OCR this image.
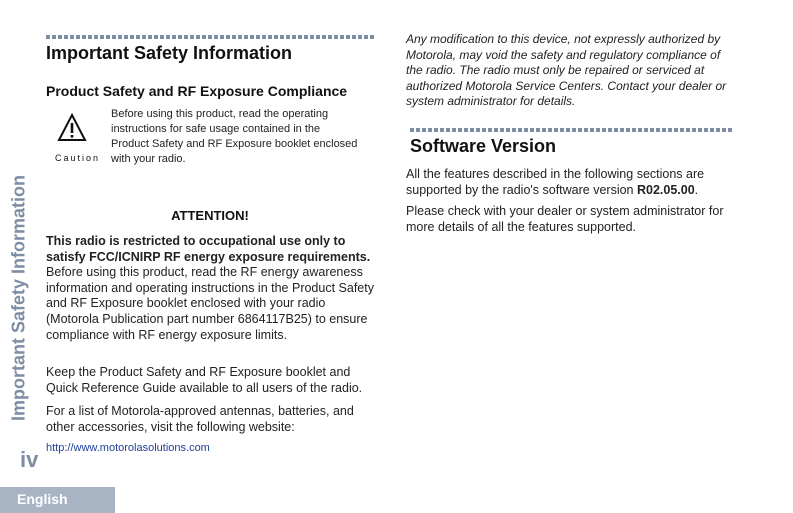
Important Safety Information
iv
English
Important Safety Information
Product Safety and RF Exposure Compliance
Caution
Before using this product, read the operating instructions for safe usage contained in the Product Safety and RF Exposure booklet enclosed with your radio.
ATTENTION!
This radio is restricted to occupational use only to satisfy FCC/ICNIRP RF energy exposure requirements. Before using this product, read the RF energy awareness information and operating instructions in the Product Safety and RF Exposure booklet enclosed with your radio (Motorola Publication part number 6864117B25) to ensure compliance with RF energy exposure limits.
Keep the Product Safety and RF Exposure booklet and Quick Reference Guide available to all users of the radio.
For a list of Motorola-approved antennas, batteries, and other accessories, visit the following website:
http://www.motorolasolutions.com
Any modification to this device, not expressly authorized by Motorola, may void the safety and regulatory compliance of the radio. The radio must only be repaired or serviced at authorized Motorola Service Centers. Contact your dealer or system administrator for details.
Software Version
All the features described in the following sections are supported by the radio's software version R02.05.00.
Please check with your dealer or system administrator for more details of all the features supported.
